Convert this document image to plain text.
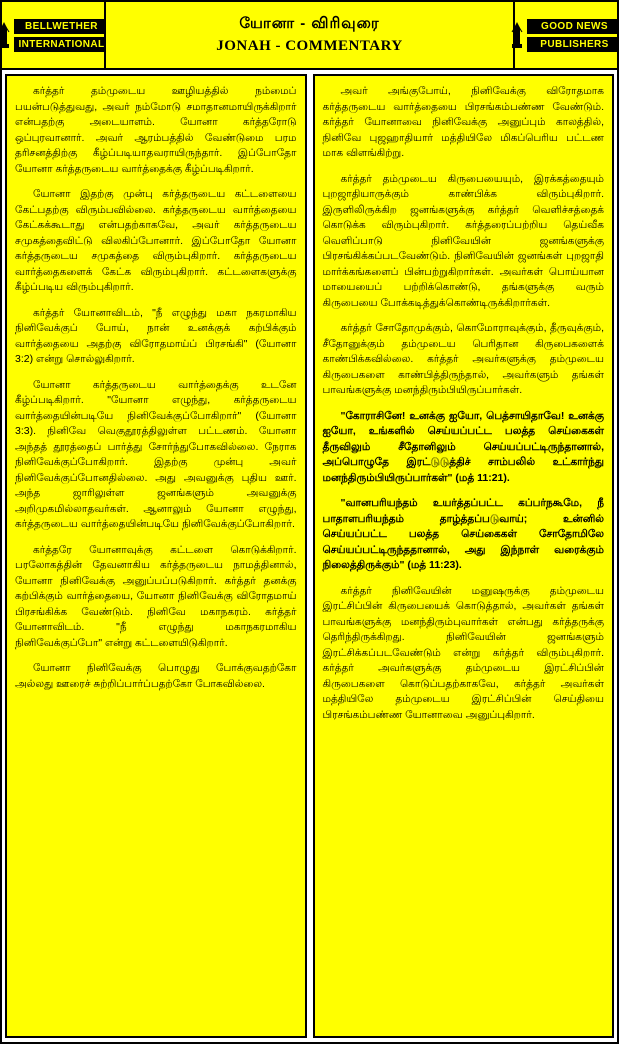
BELLWETHER
INTERNATIONAL
யோனா - விரிவுரை
JONAH - COMMENTARY
GOOD NEWS
PUBLISHERS

கர்த்தர் தம்முடைய ஊழியத்தில் நம்மைப் பயன்படுத்துவது, அவர் நம்மோடு சமாதானமாயிருக்கிறார் என்பதற்கு அடையாளம். யோனா கர்த்தரோடு ஒப்புரவானார். அவர் ஆரம்பத்தில் வேண்டுமை பரம தரிசனத்திற்கு கீழ்ப்படியாதவராயிருந்தார். இப்போதோ யோனா கர்த்தருடைய வார்த்தைக்கு கீழ்ப்படிகிறார்.

யோனா இதற்கு முன்பு கர்த்தருடைய கட்டளையை கேட்பதற்கு விரும்பவில்லை. கர்த்தருடைய வார்த்தையை கேட்கக்கூடாது என்பதற்காகவே, அவர் கர்த்தருடைய சமுகத்தைவிட்டு விலகிப்போனார். இப்போதோ யோனா கர்த்தருடைய சமுகத்தை விரும்புகிறார். கர்த்தருடைய வார்த்தைகளைக் கேட்க விரும்புகிறார். கட்டளைகளுக்கு கீழ்ப்படிய விரும்புகிறார்.

கர்த்தர் யோனாவிடம், "நீ எழுந்து மகா நகரமாகிய நினிவேக்குப் போய், நான் உனக்குக் கற்பிக்கும் வார்த்தையை அதற்கு விரோதமாய்ப் பிரசங்கி" (யோனா 3:2) என்று சொல்லுகிறார்.

யோனா கர்த்தருடைய வார்த்தைக்கு உடனே கீழ்ப்படிகிறார். "யோனா எழுந்து, கர்த்தருடைய வார்த்தையின்படியே நினிவேக்குப்போகிறார்" (யோனா 3:3). நினிவே வெகுதூரத்திலுள்ள பட்டணம். யோனா அந்தத் தூரத்தைப் பார்த்து சோர்ந்துபோகவில்லை. நேராக நினிவேக்குப்போகிறார். இதற்கு முன்பு அவர் நினிவேக்குப்போனதில்லை. அது அவனுக்கு புதிய ஊர். அந்த ஜாரிலுள்ள ஜனங்களும் அவனுக்கு அறிமுகமில்லாதவர்கள். ஆனாலும் யோனா எழுந்து, கர்த்தருடைய வார்த்தையின்படியே நினிவேக்குப்போகிறார்.

கர்த்தரே யோனாவுக்கு கட்டளை கொடுக்கிறார். பரலோகத்தின் தேவனாகிய கர்த்தருடைய நாமத்தினால், யோனா நினிவேக்கு அனுப்பப்படுகிறார். கர்த்தர் தனக்கு கற்பிக்கும் வார்த்தையை, யோனா நினிவேக்கு விரோதமாய் பிரசங்கிக்க வேண்டும். நினிவே மகாநகரம். கர்த்தர் யோனாவிடம். "நீ எழுந்து மகாநகரமாகிய நினிவேக்குப்போ" என்று கட்டளையிடுகிறார்.

யோனா நினிவேக்கு பொழுது போக்குவதற்கோ அல்லது ஊரைச் சுற்றிப்பார்ப்பதற்கோ போகவில்லை.

அவர் அங்குபோய், நினிவேக்கு விரோதமாக கர்த்தருடைய வார்த்தையை பிரசங்கம்பண்ண வேண்டும். கர்த்தர் யோனாவை நினிவேக்கு அனுப்பும் காலத்தில், நினிவே புஜஹாதியார் மத்தியிலே மிகப்பெரிய பட்டண மாக விளங்கிற்று.

கர்த்தர் தம்முடைய கிருபையையும், இரக்கத்தையும் புறஜாதியாருக்கும் காண்பிக்க விரும்புகிறார். இருளிலிருக்கிற ஜனங்களுக்கு கர்த்தர் வெளிச்சத்தைக் கொடுக்க விரும்புகிறார். கர்த்தரைப்பற்றிய தெய்வீக வெளிப்பாடு நினிவேயின் ஜனங்களுக்கு பிரசங்கிக்கப்படவேண்டும். நினிவேயின் ஜனங்கள் புறஜாதி மார்க்கங்களைப் பின்பற்றுகிறார்கள். அவர்கள் பொய்யான மாயையைப் பற்றிக்கொண்டு, தங்களுக்கு வரும் கிருபையை போக்கடித்துக்கொண்டிருக்கிறார்கள்.

கர்த்தர் சோதோமுக்கும், கொமோராவுக்கும், தீருவுக்கும், சீதோனுக்கும் தம்முடைய பெரிதான கிருபைகளைக் காண்பிக்கவில்லை. கர்த்தர் அவர்களுக்கு தம்முடைய கிருபைகளை காண்பித்திருந்தால், அவர்களும் தங்கள் பாவங்களுக்கு மனந்திரும்பியிருப்பார்கள்.

"கோராசினே! உனக்கு ஐயோ, பெத்சாயிதாவே! உனக்கு ஐயோ, உங்களில் செய்யப்பட்ட பலத்த செய்கைகள் தீருவிலும் சீதோனிலும் செய்யப்பட்டிருந்தானால், அப்பொழுதே இரட்டுடுத்திச் சாம்பலில் உட்கார்ந்து மனந்திரும்பியிருப்பார்கள்" (மத் 11:21).

"வானபரியந்தம் உயர்த்தப்பட்ட கப்பர்நகூமே, நீ பாதாளபரியந்தம் தாழ்த்தப்படுவாய்; உன்னில் செய்யப்பட்ட பலத்த செய்கைகள் சோதோமிலே செய்யப்பட்டிருந்ததானால், அது இந்நாள் வரைக்கும் நிலைத்திருக்கும்" (மத் 11:23).

கர்த்தர் நினிவேயின் மனுஷருக்கு தம்முடைய இரட்சிப்பின் கிருபையைக் கொடுத்தால், அவர்கள் தங்கள் பாவங்களுக்கு மனந்திரும்புவார்கள் என்பது கர்த்தருக்கு தெரிந்திருக்கிறது. நினிவேயின் ஜனங்களும் இரட்சிக்கப்படவேண்டும் என்று கர்த்தர் விரும்புகிறார். கர்த்தர் அவர்களுக்கு தம்முடைய இரட்சிப்பின் கிருபைகளை கொடுப்பதற்காகவே, கர்த்தர் அவர்கள் மத்தியிலே தம்முடைய இரட்சிப்பின் செய்தியை பிரசங்கம்பண்ண யோனாவை அனுப்புகிறார்.
